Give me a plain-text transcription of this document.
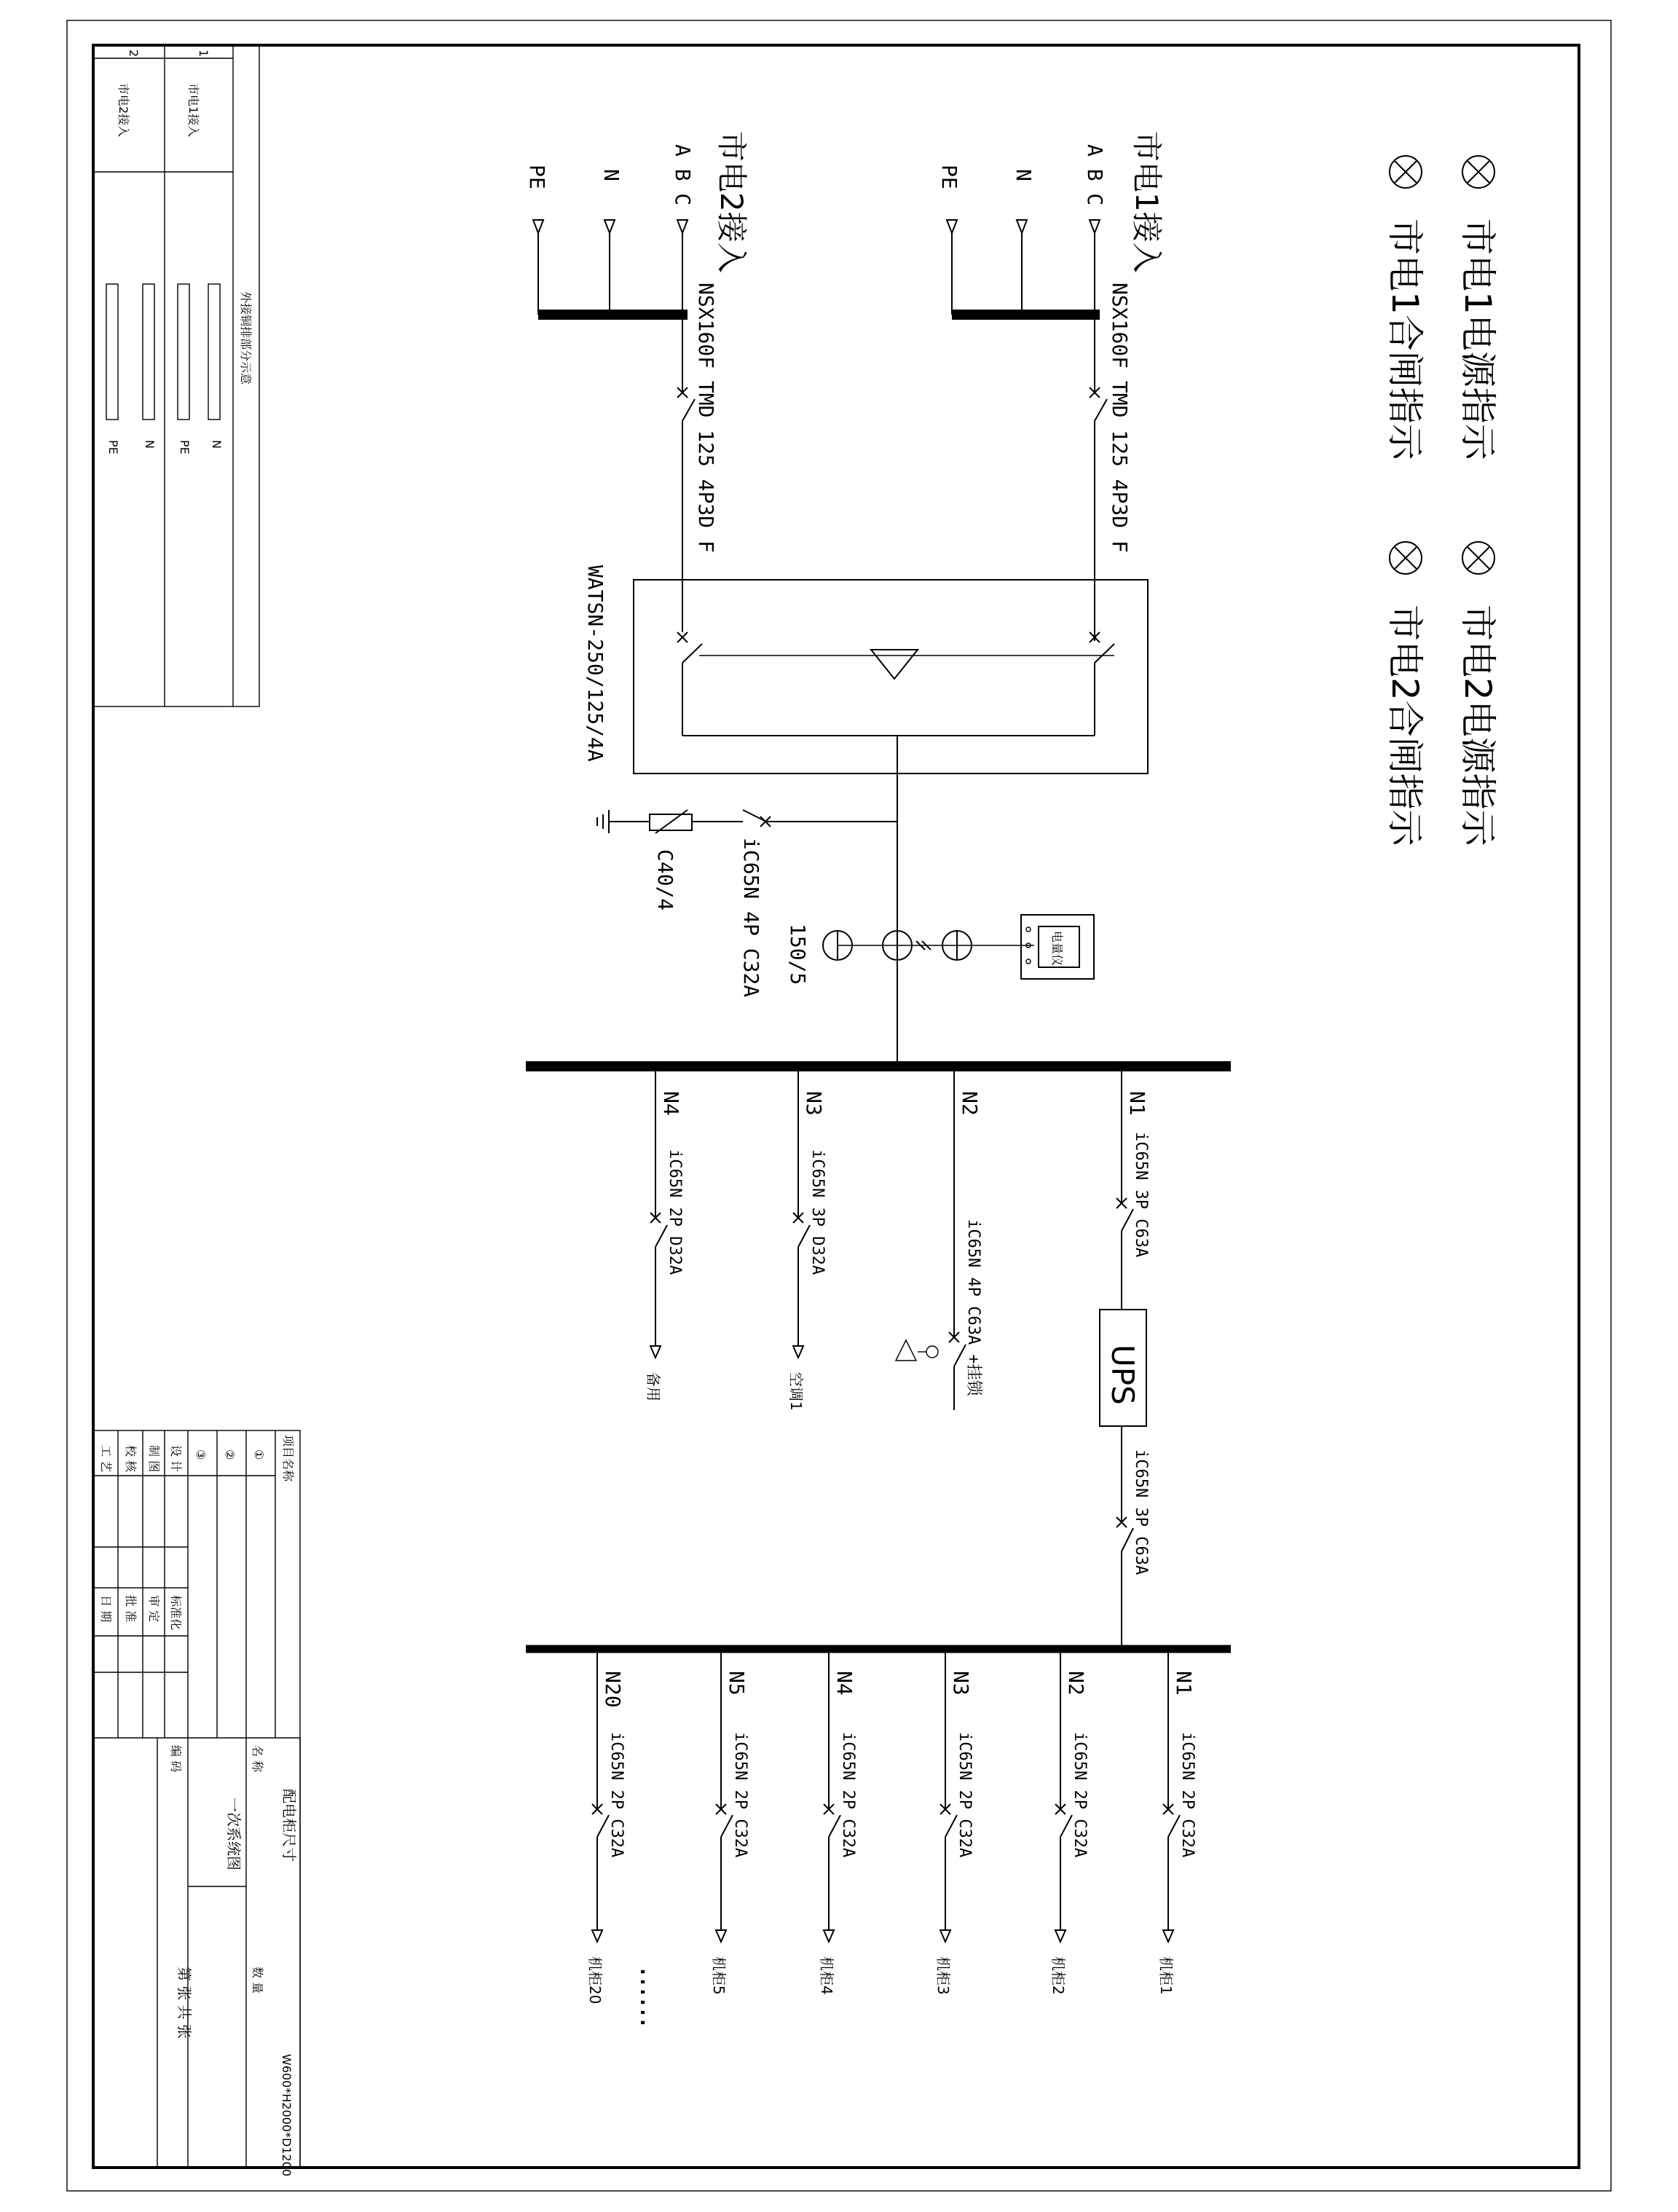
市电1电源指示
市电1合闸指示
市电2电源指示
市电2合闸指示
市电1接入
A B C
N
PE
NSX160F TMD 125 4P3D F
市电2接入
A B C
N
PE
NSX160F TMD 125 4P3D F
WATSN-250/125/4A
iC65N 4P C32A
C40/4
电量仪
150/5
N1
iC65N 3P C63A
UPS
iC65N 3P C63A
N2
iC65N 4P C63A +挂锁
N3
iC65N 3P D32A
空调1
N4
iC65N 2P D32A
备用
N1
iC65N 2P C32A
机柜1
N2
iC65N 2P C32A
机柜2
N3
iC65N 2P C32A
机柜3
N4
iC65N 2P C32A
机柜4
N5
iC65N 2P C32A
机柜5
……
N20
iC65N 2P C32A
机柜20
外接铜排部分示意
1
市电1接入
2
市电2接入
N
PE
N
PE
项目名称
①
②
③
设 计
制 图
校 核
工 艺
标准化
审 定
批 准
日 期
配电柜尺寸
W600*H2000*D1200
名 称
一次系统图
数 量
编 码
第 张 共 张
